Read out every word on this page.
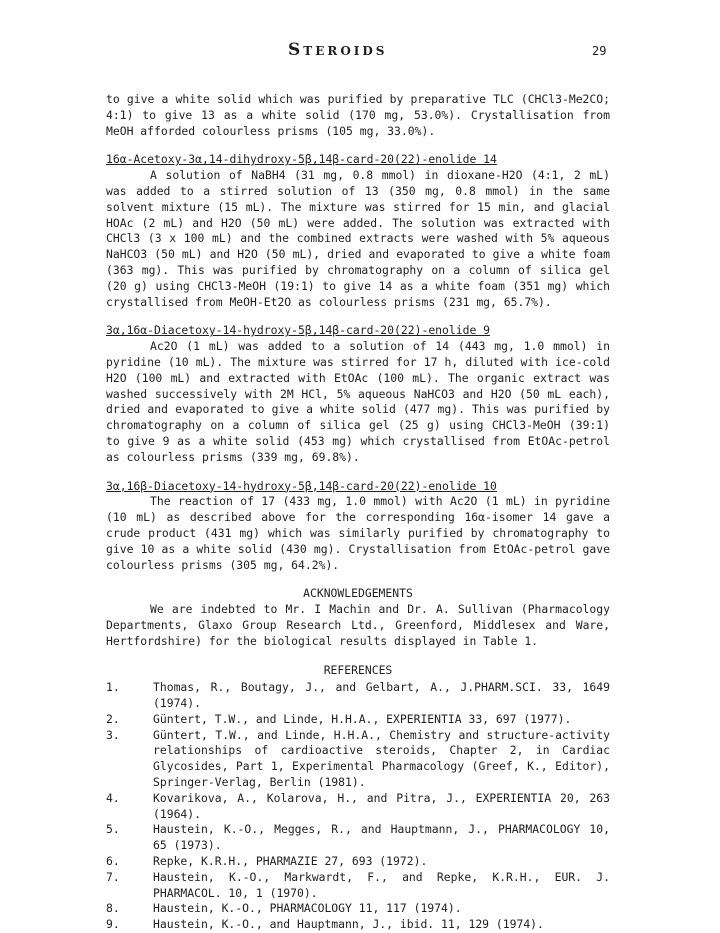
Steroids	29

to give a white solid which was purified by preparative TLC (CHCl3-Me2CO; 4:1) to give 13 as a white solid (170 mg, 53.0%). Crystallisation from MeOH afforded colourless prisms (105 mg, 33.0%).

16α-Acetoxy-3α,14-dihydroxy-5β,14β-card-20(22)-enolide 14

A solution of NaBH4 (31 mg, 0.8 mmol) in dioxane-H2O (4:1, 2 mL) was added to a stirred solution of 13 (350 mg, 0.8 mmol) in the same solvent mixture (15 mL). The mixture was stirred for 15 min, and glacial HOAc (2 mL) and H2O (50 mL) were added. The solution was extracted with CHCl3 (3 x 100 mL) and the combined extracts were washed with 5% aqueous NaHCO3 (50 mL) and H2O (50 mL), dried and evaporated to give a white foam (363 mg). This was purified by chromatography on a column of silica gel (20 g) using CHCl3-MeOH (19:1) to give 14 as a white foam (351 mg) which crystallised from MeOH-Et2O as colourless prisms (231 mg, 65.7%).

3α,16α-Diacetoxy-14-hydroxy-5β,14β-card-20(22)-enolide 9

Ac2O (1 mL) was added to a solution of 14 (443 mg, 1.0 mmol) in pyridine (10 mL). The mixture was stirred for 17 h, diluted with ice-cold H2O (100 mL) and extracted with EtOAc (100 mL). The organic extract was washed successively with 2M HCl, 5% aqueous NaHCO3 and H2O (50 mL each), dried and evaporated to give a white solid (477 mg). This was purified by chromatography on a column of silica gel (25 g) using CHCl3-MeOH (39:1) to give 9 as a white solid (453 mg) which crystallised from EtOAc-petrol as colourless prisms (339 mg, 69.8%).

3α,16β-Diacetoxy-14-hydroxy-5β,14β-card-20(22)-enolide 10

The reaction of 17 (433 mg, 1.0 mmol) with Ac2O (1 mL) in pyridine (10 mL) as described above for the corresponding 16α-isomer 14 gave a crude product (431 mg) which was similarly purified by chromatography to give 10 as a white solid (430 mg). Crystallisation from EtOAc-petrol gave colourless prisms (305 mg, 64.2%).

ACKNOWLEDGEMENTS

We are indebted to Mr. I Machin and Dr. A. Sullivan (Pharmacology Departments, Glaxo Group Research Ltd., Greenford, Middlesex and Ware, Hertfordshire) for the biological results displayed in Table 1.

REFERENCES

1.	Thomas, R., Boutagy, J., and Gelbart, A., J.PHARM.SCI. 33, 1649 (1974).
2.	Güntert, T.W., and Linde, H.H.A., EXPERIENTIA 33, 697 (1977).
3.	Güntert, T.W., and Linde, H.H.A., Chemistry and structure-activity relationships of cardioactive steroids, Chapter 2, in Cardiac Glycosides, Part 1, Experimental Pharmacology (Greef, K., Editor), Springer-Verlag, Berlin (1981).
4.	Kovarikova, A., Kolarova, H., and Pitra, J., EXPERIENTIA 20, 263 (1964).
5.	Haustein, K.-O., Megges, R., and Hauptmann, J., PHARMACOLOGY 10, 65 (1973).
6.	Repke, K.R.H., PHARMAZIE 27, 693 (1972).
7.	Haustein, K.-O., Markwardt, F., and Repke, K.R.H., EUR. J. PHARMACOL. 10, 1 (1970).
8.	Haustein, K.-O., PHARMACOLOGY 11, 117 (1974).
9.	Haustein, K.-O., and Hauptmann, J., ibid. 11, 129 (1974).
